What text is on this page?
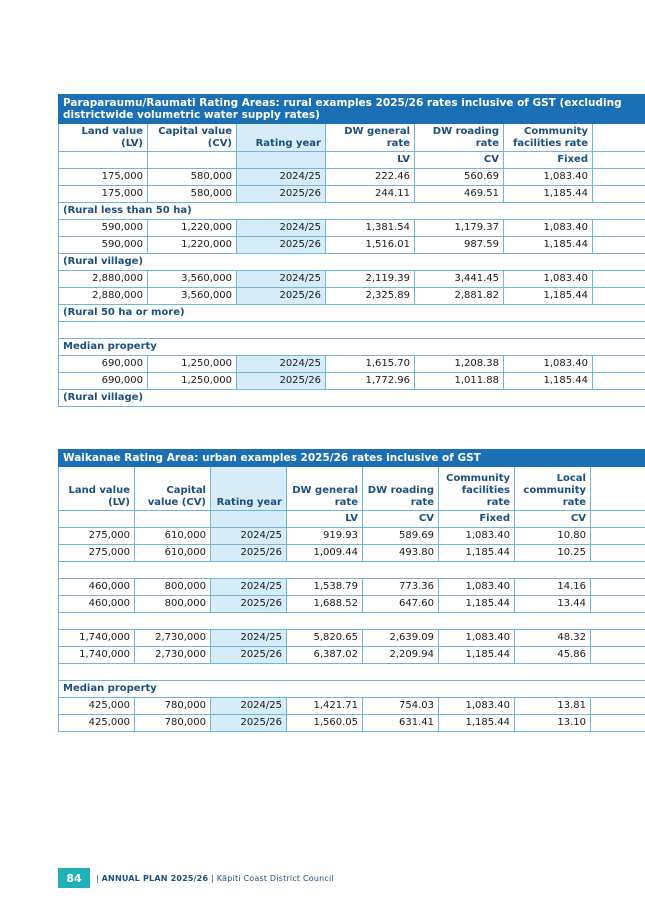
Paraparaumu/Raumati Rating Areas: rural examples 2025/26 rates inclusive of GST (excluding districtwide volumetric water supply rates)						
Land value (LV)	Capital value (CV)	Rating year	DW general rate	DW roading rate	Community facilities rate	
			LV	CV	Fixed	
175,000	580,000	2024/25	222.46	560.69	1,083.40	
175,000	580,000	2025/26	244.11	469.51	1,185.44	
(Rural less than 50 ha)						
590,000	1,220,000	2024/25	1,381.54	1,179.37	1,083.40	
590,000	1,220,000	2025/26	1,516.01	987.59	1,185.44	
(Rural village)						
2,880,000	3,560,000	2024/25	2,119.39	3,441.45	1,083.40	
2,880,000	3,560,000	2025/26	2,325.89	2,881.82	1,185.44	
(Rural 50 ha or more)						

Median property						
690,000	1,250,000	2024/25	1,615.70	1,208.38	1,083.40	
690,000	1,250,000	2025/26	1,772.96	1,011.88	1,185.44	
(Rural village)						
Waikanae Rating Area: urban examples 2025/26 rates inclusive of GST							
Land value (LV)	Capital value (CV)	Rating year	DW general rate	DW roading rate	Community facilities rate	Local community rate	
			LV	CV	Fixed	CV	
275,000	610,000	2024/25	919.93	589.69	1,083.40	10.80	
275,000	610,000	2025/26	1,009.44	493.80	1,185.44	10.25	

460,000	800,000	2024/25	1,538.79	773.36	1,083.40	14.16	
460,000	800,000	2025/26	1,688.52	647.60	1,185.44	13.44	

1,740,000	2,730,000	2024/25	5,820.65	2,639.09	1,083.40	48.32	
1,740,000	2,730,000	2025/26	6,387.02	2,209.94	1,185.44	45.86	

Median property							
425,000	780,000	2024/25	1,421.71	754.03	1,083.40	13.81	
425,000	780,000	2025/26	1,560.05	631.41	1,185.44	13.10	
84	| ANNUAL PLAN 2025/26 | Kāpiti Coast District Council
